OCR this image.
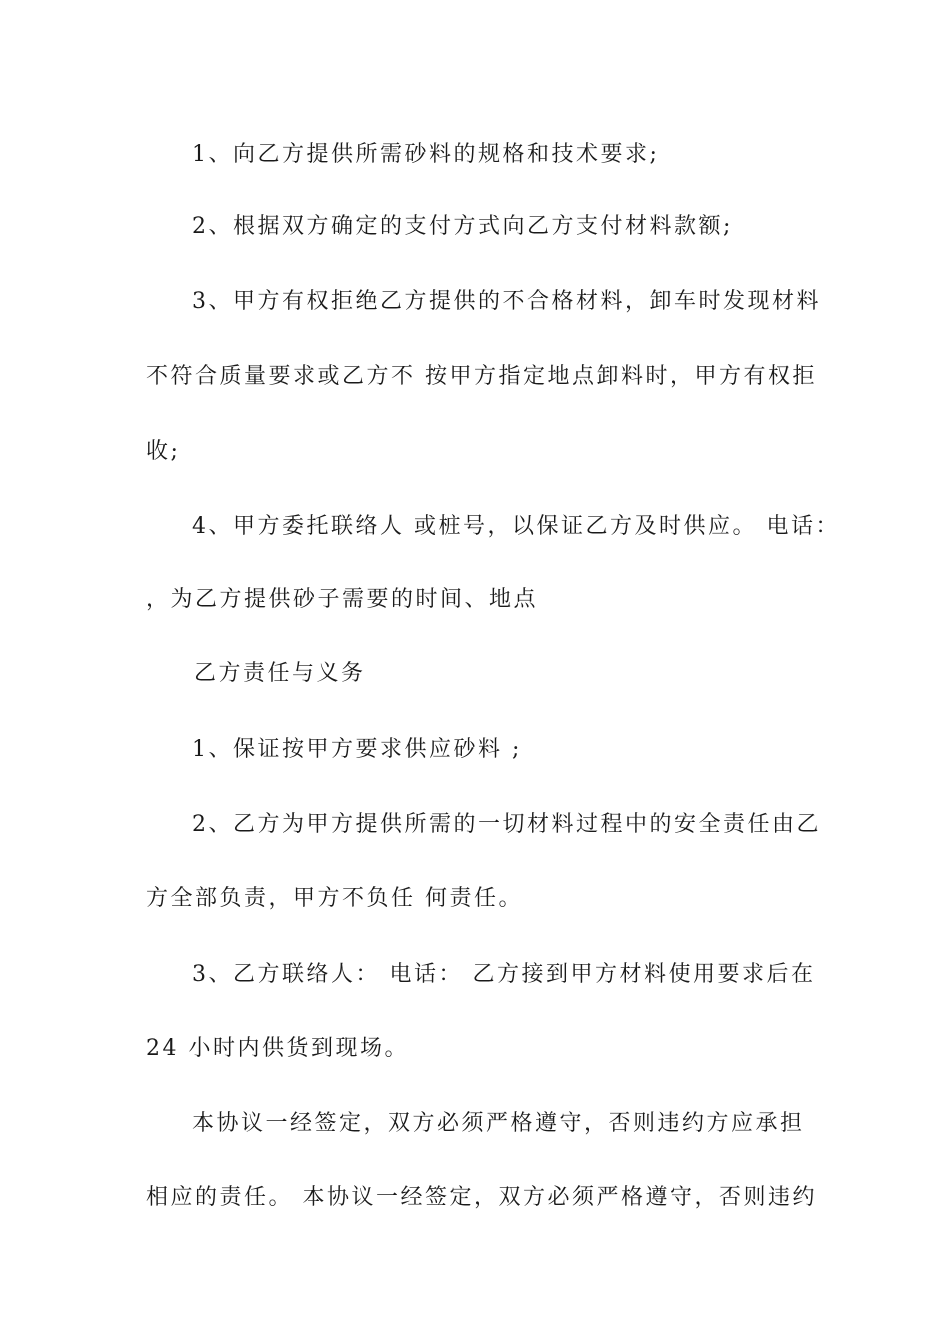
1、向乙方提供所需砂料的规格和技术要求;
2、根据双方确定的支付方式向乙方支付材料款额;
3、甲方有权拒绝乙方提供的不合格材料，卸车时发现材料
不符合质量要求或乙方不 按甲方指定地点卸料时，甲方有权拒
收;
4、甲方委托联络人 或桩号，以保证乙方及时供应。 电话：
，为乙方提供砂子需要的时间、地点
乙方责任与义务
1、保证按甲方要求供应砂料 ;
2、乙方为甲方提供所需的一切材料过程中的安全责任由乙
方全部负责，甲方不负任 何责任。
3、乙方联络人： 电话： 乙方接到甲方材料使用要求后在
24 小时内供货到现场。
本协议一经签定，双方必须严格遵守，否则违约方应承担
相应的责任。 本协议一经签定，双方必须严格遵守，否则违约
